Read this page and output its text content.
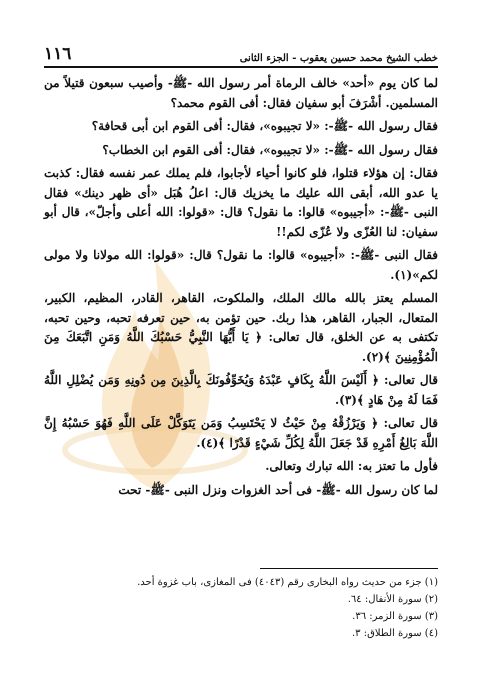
١١٦	خطب الشيخ محمد حسين يعقوب - الجزء الثانى

لما كان يوم «أحد» خالف الرماة أمر رسول الله -ﷺ- وأصيب سبعون قتيلاً من المسلمين. أشْرَفَ أبو سفيان فقال: أفى القوم محمد؟

فقال رسول الله -ﷺ-: «لا تجيبوه»، فقال: أفى القوم ابن أبى قحافة؟

فقال رسول الله -ﷺ-: «لا تجيبوه»، فقال: أفى القوم ابن الخطاب؟

فقال: إن هؤلاء قتلوا، فلو كانوا أحياء لأجابوا، فلم يملك عمر نفسه فقال: كذبت يا عدو الله، أبقى الله عليك ما يخزيك قال: اعلُ هُبَل «أى ظهر دينك» فقال النبى -ﷺ-: «أجيبوه» قالوا: ما نقول؟ قال: «قولوا: الله أعلى وأجلّ»، قال أبو سفيان: لنا العُزّى ولا عُزّى لكم!!

فقال النبى -ﷺ-: «أجيبوه» قالوا: ما نقول؟ قال: «قولوا: الله مولانا ولا مولى لكم»(١).

المسلم يعتز بالله مالك الملك، والملكوت، القاهر، القادر، المظيم، الكبير، المتعال، الجبار، القاهر، هذا ربك. حين تؤمن به، حين تعرفه تحبه، وحين تحبه، تكتفى به عن الخلق، قال تعالى: ﴿ يَا أَيُّهَا النَّبِيُّ حَسْبُكَ اللَّهُ وَمَنِ اتَّبَعَكَ مِنَ الْمُؤْمِنِينَ ﴾(٢).

قال تعالى: ﴿ أَلَيْسَ اللَّهُ بِكَافٍ عَبْدَهُ وَيُخَوِّفُونَكَ بِالَّذِينَ مِن دُونِهِ وَمَن يُضْلِلِ اللَّهُ فَمَا لَهُ مِنْ هَادٍ ﴾(٣).

قال تعالى: ﴿ وَيَرْزُقْهُ مِنْ حَيْثُ لا يَحْتَسِبُ وَمَن يَتَوَكَّلْ عَلَى اللَّهِ فَهُوَ حَسْبُهُ إِنَّ اللَّهَ بَالِغُ أَمْرِهِ قَدْ جَعَلَ اللَّهُ لِكُلِّ شَيْءٍ قَدْرًا ﴾(٤).

فأول ما تعتز به: الله تبارك وتعالى.

لما كان رسول الله -ﷺ- فى أحد الغزوات ونزل النبى -ﷺ- تحت

(١) جزء من حديث رواه البخارى رقم (٤٠٤٣) فى المغازى، باب غزوة أحد.
(٢) سورة الأنفال: ٦٤.
(٣) سورة الزمر: ٣٦.
(٤) سورة الطلاق: ٣.
